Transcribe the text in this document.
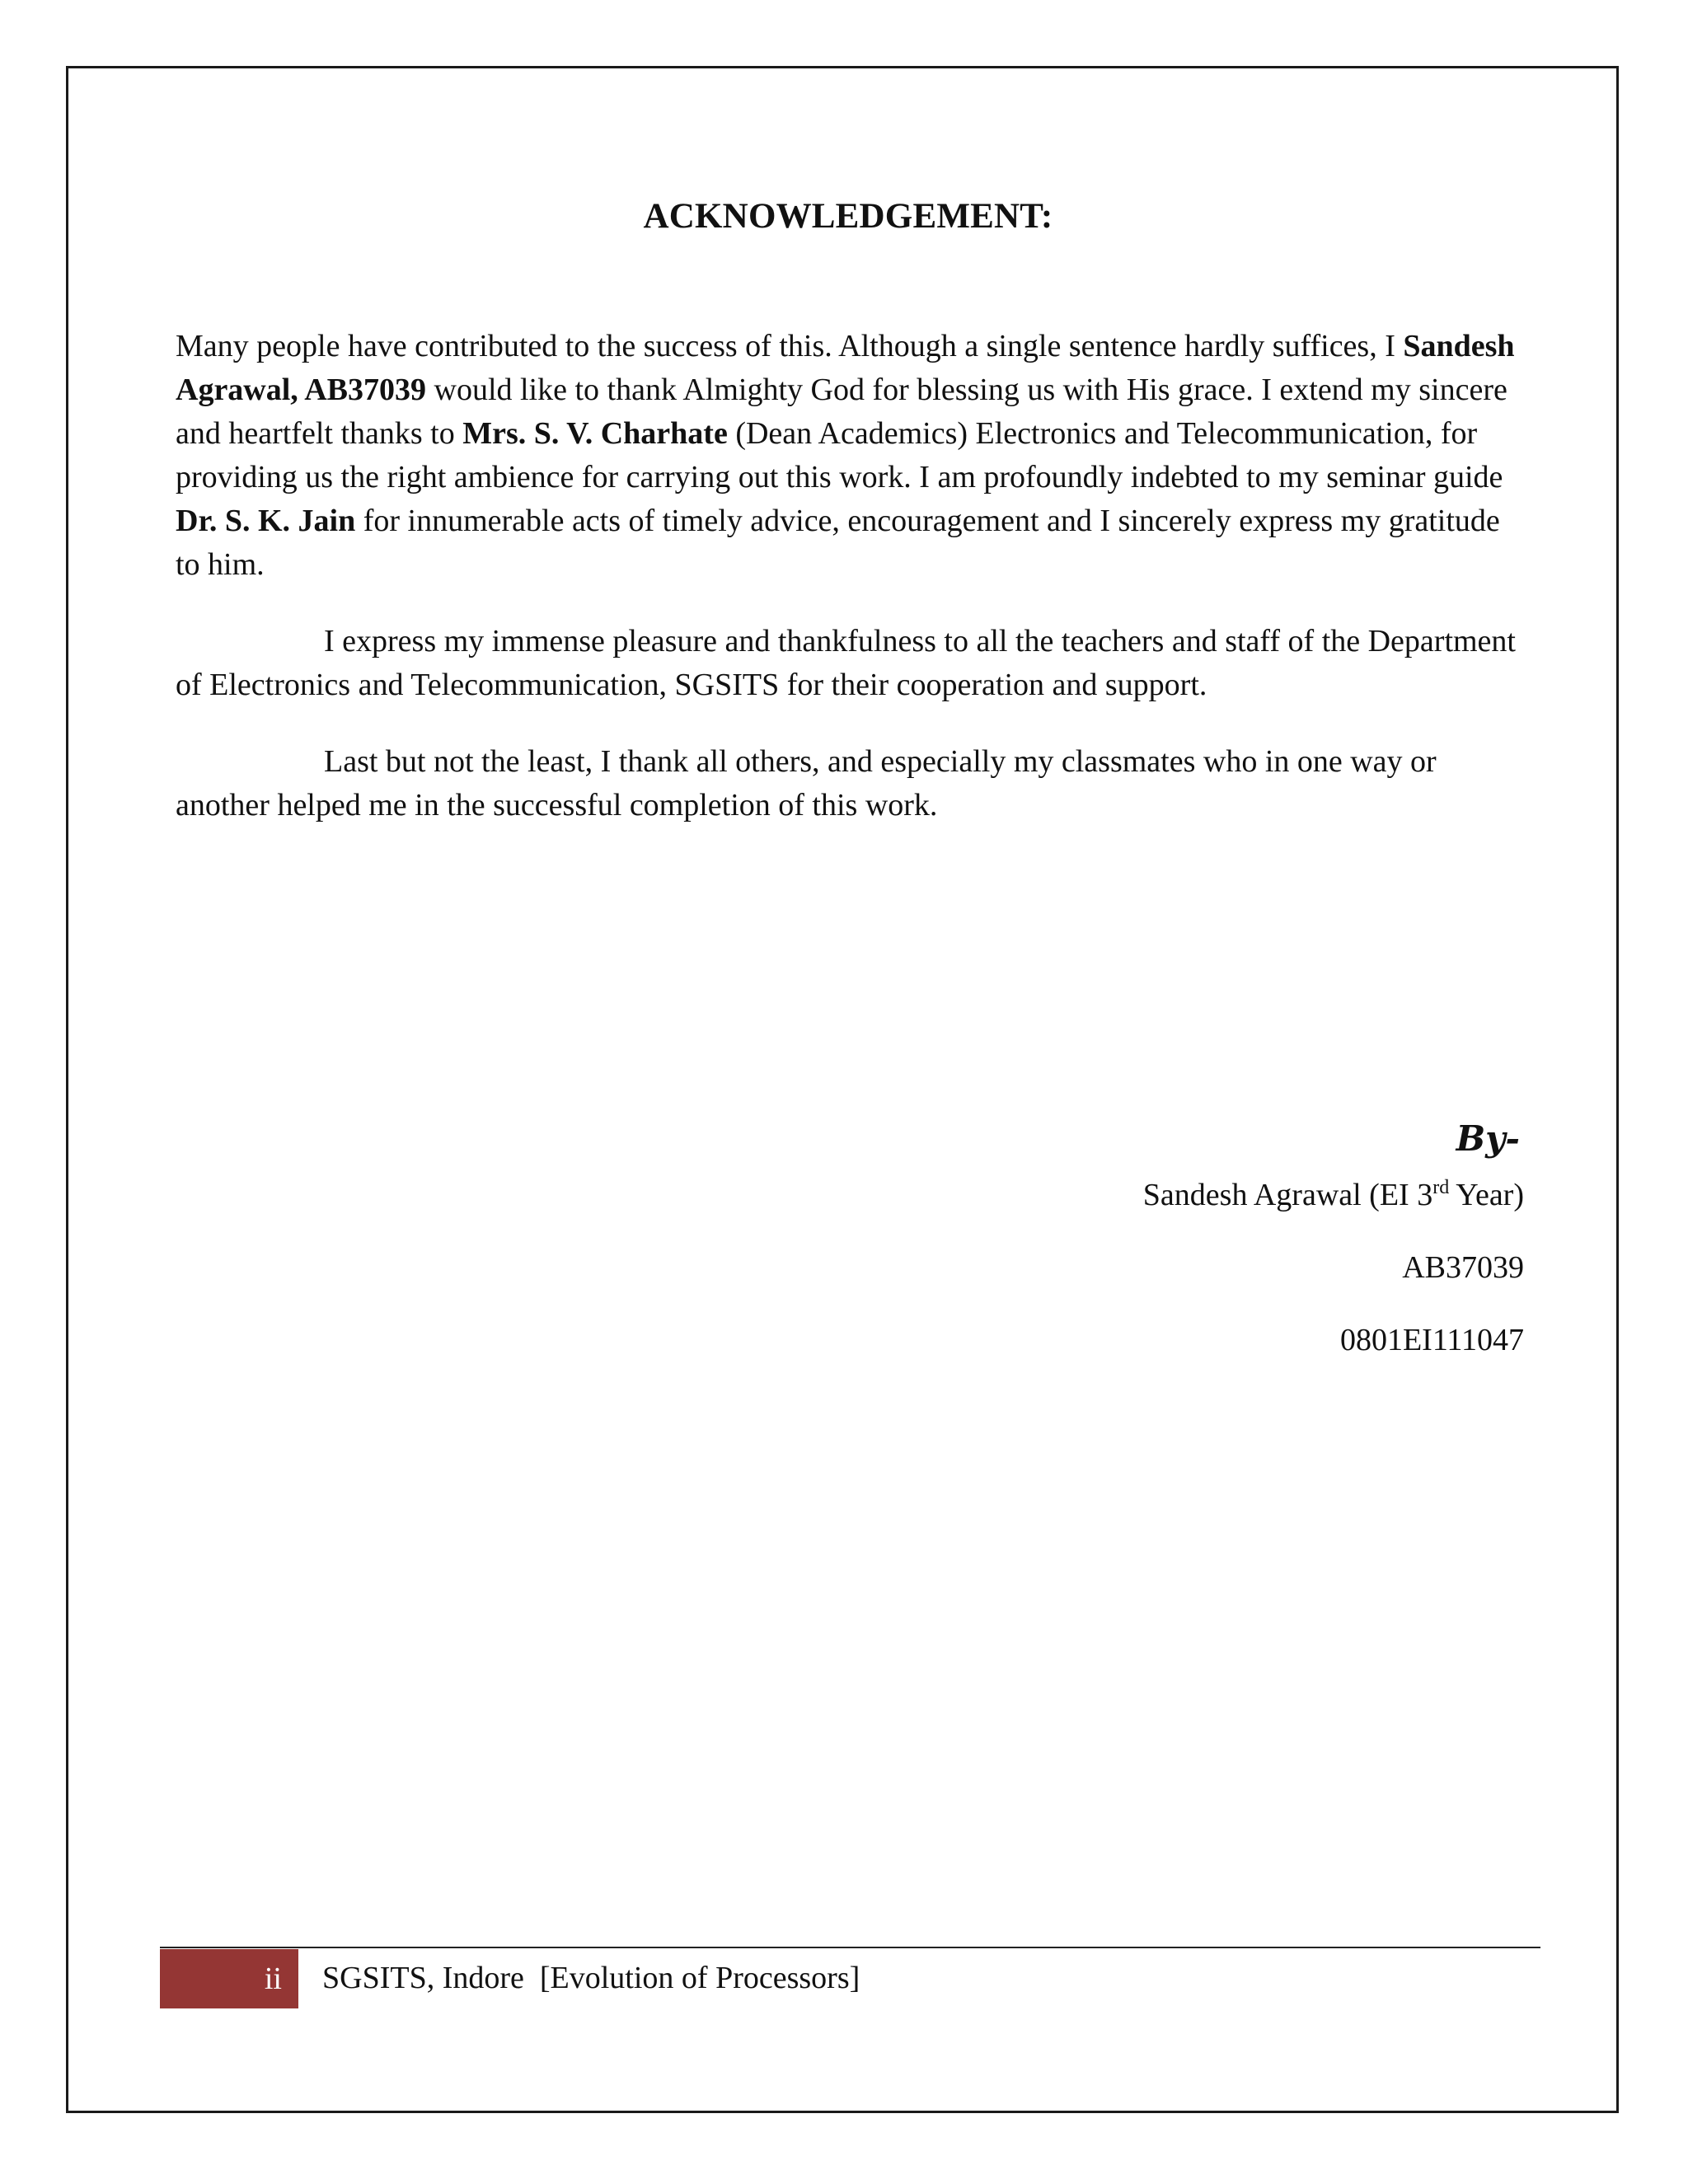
ACKNOWLEDGEMENT:

Many people have contributed to the success of this. Although a single sentence hardly suffices, I Sandesh Agrawal, AB37039 would like to thank Almighty God for blessing us with His grace. I extend my sincere and heartfelt thanks to Mrs. S. V. Charhate (Dean Academics) Electronics and Telecommunication, for providing us the right ambience for carrying out this work. I am profoundly indebted to my seminar guide Dr. S. K. Jain for innumerable acts of timely advice, encouragement and I sincerely express my gratitude to him.

I express my immense pleasure and thankfulness to all the teachers and staff of the Department of Electronics and Telecommunication, SGSITS for their cooperation and support.

Last but not the least, I thank all others, and especially my classmates who in one way or another helped me in the successful completion of this work.

By-
Sandesh Agrawal (EI 3rd Year)
AB37039
0801EI111047
ii SGSITS, Indore  [Evolution of Processors]
